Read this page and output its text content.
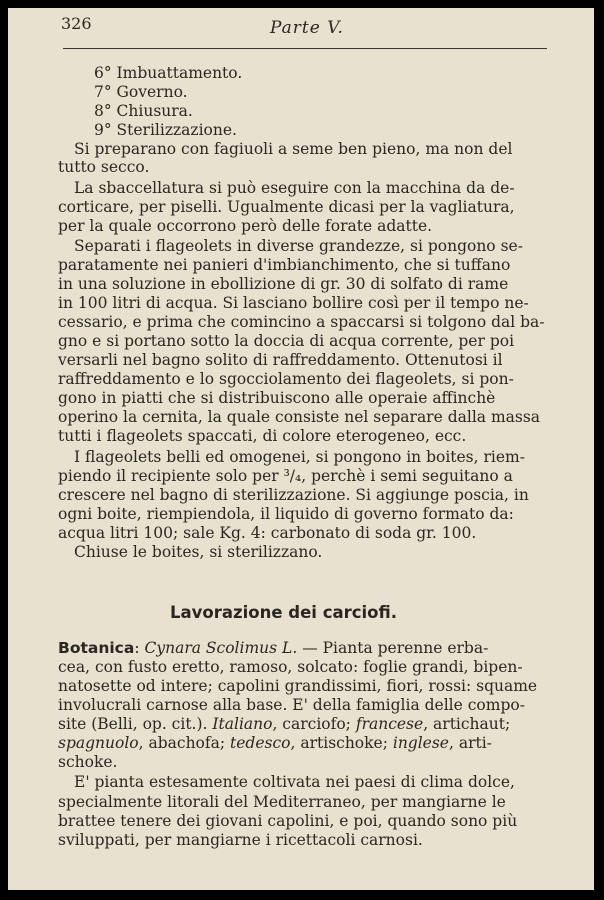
326	Parte V.
6° Imbuattamento.
7° Governo.
8° Chiusura.
9° Sterilizzazione.
Si preparano con fagiuoli a seme ben pieno, ma non del
tutto secco.
La sbaccellatura si può eseguire con la macchina da de-
corticare, per piselli. Ugualmente dicasi per la vagliatura,
per la quale occorrono però delle forate adatte.
Separati i flageolets in diverse grandezze, si pongono se-
paratamente nei panieri d'imbianchimento, che si tuffano
in una soluzione in ebollizione di gr. 30 di solfato di rame
in 100 litri di acqua. Si lasciano bollire così per il tempo ne-
cessario, e prima che comincino a spaccarsi si tolgono dal ba-
gno e si portano sotto la doccia di acqua corrente, per poi
versarli nel bagno solito di raffreddamento. Ottenutosi il
raffreddamento e lo sgocciolamento dei flageolets, si pon-
gono in piatti che si distribuiscono alle operaie affinchè
operino la cernita, la quale consiste nel separare dalla massa
tutti i flageolets spaccati, di colore eterogeneo, ecc.
I flageolets belli ed omogenei, si pongono in boites, riem-
piendo il recipiente solo per ³/₄, perchè i semi seguitano a
crescere nel bagno di sterilizzazione. Si aggiunge poscia, in
ogni boite, riempiendola, il liquido di governo formato da:
acqua litri 100; sale Kg. 4: carbonato di soda gr. 100.
Chiuse le boites, si sterilizzano.
Lavorazione dei carciofi.
Botanica: Cynara Scolimus L. — Pianta perenne erba-
cea, con fusto eretto, ramoso, solcato: foglie grandi, bipen-
natosette od intere; capolini grandissimi, fiori, rossi: squame
involucrali carnose alla base. E' della famiglia delle compo-
site (Belli, op. cit.). Italiano, carciofo; francese, artichaut;
spagnuolo, abachofa; tedesco, artischoke; inglese, arti-
schoke.
E' pianta estesamente coltivata nei paesi di clima dolce,
specialmente litorali del Mediterraneo, per mangiarne le
brattee tenere dei giovani capolini, e poi, quando sono più
sviluppati, per mangiarne i ricettacoli carnosi.
